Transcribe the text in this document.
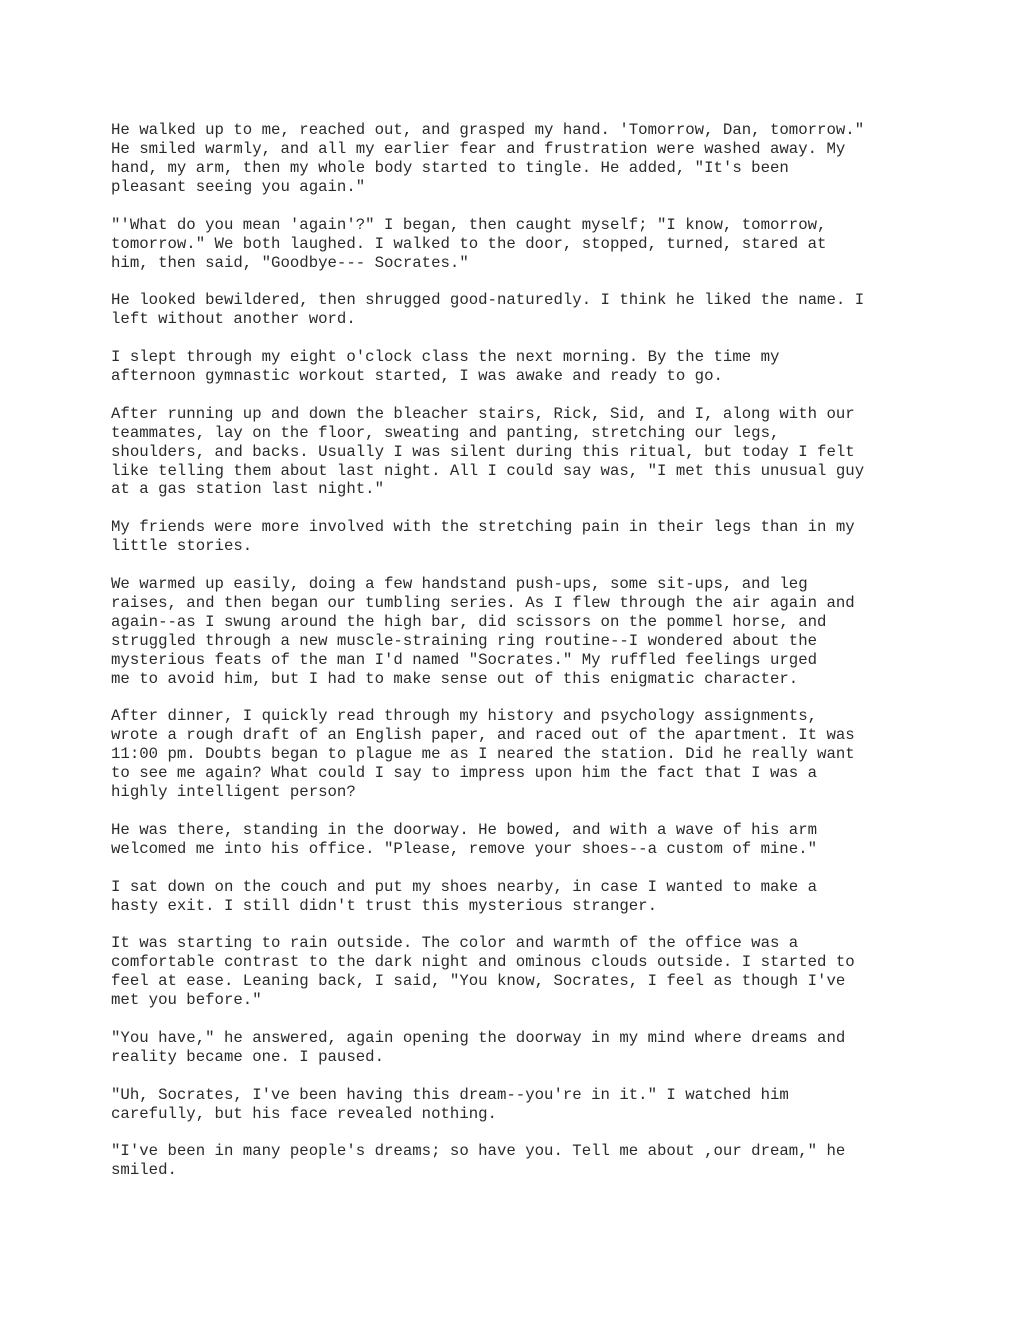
He walked up to me, reached out, and grasped my hand. 'Tomorrow, Dan, tomorrow."
He smiled warmly, and all my earlier fear and frustration were washed away. My
hand, my arm, then my whole body started to tingle. He added, "It's been
pleasant seeing you again."

"'What do you mean 'again'?" I began, then caught myself; "I know, tomorrow,
tomorrow." We both laughed. I walked to the door, stopped, turned, stared at
him, then said, "Goodbye--- Socrates."

He looked bewildered, then shrugged good-naturedly. I think he liked the name. I
left without another word.

I slept through my eight o'clock class the next morning. By the time my
afternoon gymnastic workout started, I was awake and ready to go.

After running up and down the bleacher stairs, Rick, Sid, and I, along with our
teammates, lay on the floor, sweating and panting, stretching our legs,
shoulders, and backs. Usually I was silent during this ritual, but today I felt
like telling them about last night. All I could say was, "I met this unusual guy
at a gas station last night."

My friends were more involved with the stretching pain in their legs than in my
little stories.

We warmed up easily, doing a few handstand push-ups, some sit-ups, and leg
raises, and then began our tumbling series. As I flew through the air again and
again--as I swung around the high bar, did scissors on the pommel horse, and
struggled through a new muscle-straining ring routine--I wondered about the
mysterious feats of the man I'd named "Socrates." My ruffled feelings urged
me to avoid him, but I had to make sense out of this enigmatic character.

After dinner, I quickly read through my history and psychology assignments,
wrote a rough draft of an English paper, and raced out of the apartment. It was
11:00 pm. Doubts began to plague me as I neared the station. Did he really want
to see me again? What could I say to impress upon him the fact that I was a
highly intelligent person?

He was there, standing in the doorway. He bowed, and with a wave of his arm
welcomed me into his office. "Please, remove your shoes--a custom of mine."

I sat down on the couch and put my shoes nearby, in case I wanted to make a
hasty exit. I still didn't trust this mysterious stranger.

It was starting to rain outside. The color and warmth of the office was a
comfortable contrast to the dark night and ominous clouds outside. I started to
feel at ease. Leaning back, I said, "You know, Socrates, I feel as though I've
met you before."

"You have," he answered, again opening the doorway in my mind where dreams and
reality became one. I paused.

"Uh, Socrates, I've been having this dream--you're in it." I watched him
carefully, but his face revealed nothing.

"I've been in many people's dreams; so have you. Tell me about ,our dream," he
smiled.
